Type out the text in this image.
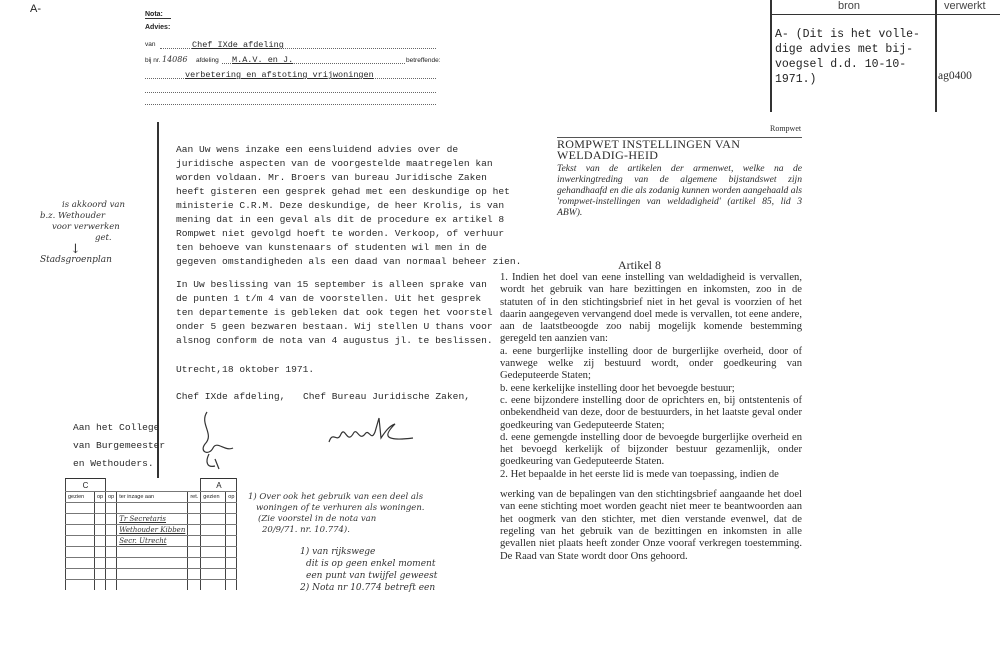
A-	bron	verwerkt
A- (Dit is het volle-
dige advies met bij-
voegsel d.d. 10-10-
1971.)	ag0400
Nota:
Advies:
van	Chef IXde afdeling
bij nr. 14086 afdeling M.A.V. en J.	betreffende:
verbetering en afstoting vrijwoningen

Aan Uw wens inzake een eensluidend advies over de

juridische aspecten van de voorgestelde maatregelen kan

worden voldaan. Mr. Broers van bureau Juridische Zaken

heeft gisteren een gesprek gehad met een deskundige op het

ministerie C.R.M. Deze deskundige, de heer Krolis, is van

mening dat in een geval als dit de procedure ex artikel 8

Rompwet niet gevolgd hoeft te worden. Verkoop, of verhuur

ten behoeve van kunstenaars of studenten wil men in de

gegeven omstandigheden als een daad van normaal beheer zien.

In Uw beslissing van 15 september is alleen sprake van

de punten 1 t/m 4 van de voorstellen. Uit het gesprek

ten departemente is gebleken dat ook tegen het voorstel

onder 5 geen bezwaren bestaan. Wij stellen U thans voor

alsnog conform de nota van 4 augustus jl. te beslissen.

Utrecht,18 oktober 1971.
Chef IXde afdeling, Chef Bureau Juridische Zaken,
Aan het College
van Burgemeester
en Wethouders.
is akkoord van
b.z. Wethouder
voor verwerken
get.
↓
Stadsgroenplan
C					A	
gezien	op	op	ter inzage aan	ret.	gezien	op

			Tr Secretaris			
			Wethouder Kibben			
			Secr. Utrecht			

1) Over ook het gebruik van een deel als
woningen of te verhuren als woningen.
(Zie voorstel in de nota van
20/9/71. nr. 10.774).
1) van rijkswege
dit is op geen enkel moment
een punt van twijfel geweest
2) Nota nr 10.774 betreft een
Rompwet
ROMPWET INSTELLINGEN VAN WELDADIG-HEID
Tekst van de artikelen der armenwet, welke na de inwerkingtreding van de algemene bijstandswet zijn gehandhaafd en die als zodanig kunnen worden aangehaald als 'rompwet-instellingen van weldadigheid' (artikel 85, lid 3 ABW).
Artikel 8

1. Indien het doel van eene instelling van weldadigheid is vervallen, wordt het gebruik van hare bezittingen en inkomsten, zoo in de statuten of in den stichtingsbrief niet in het geval is voorzien of het daarin aangegeven vervangend doel mede is vervallen, tot eene andere, aan de laatstbeoogde zoo nabij mogelijk komende bestemming geregeld ten aanzien van:

a. eene burgerlijke instelling door de burgerlijke overheid, door of vanwege welke zij bestuurd wordt, onder goedkeuring van Gedeputeerde Staten;

b. eene kerkelijke instelling door het bevoegde bestuur;

c. eene bijzondere instelling door de oprichters en, bij ontstentenis of onbekendheid van deze, door de bestuurders, in het laatste geval onder goedkeuring van Gedeputeerde Staten;

d. eene gemengde instelling door de bevoegde burgerlijke overheid en het bevoegd kerkelijk of bijzonder bestuur gezamenlijk, onder goedkeuring van Gedeputeerde Staten.

2. Het bepaalde in het eerste lid is mede van toepassing, indien de

werking van de bepalingen van den stichtingsbrief aangaande het doel van eene stichting moet worden geacht niet meer te beantwoorden aan het oogmerk van den stichter, met dien verstande evenwel, dat de regeling van het gebruik van de bezittingen en inkomsten in alle gevallen niet plaats heeft zonder Onze vooraf verkregen toestemming. De Raad van State wordt door Ons gehoord.
